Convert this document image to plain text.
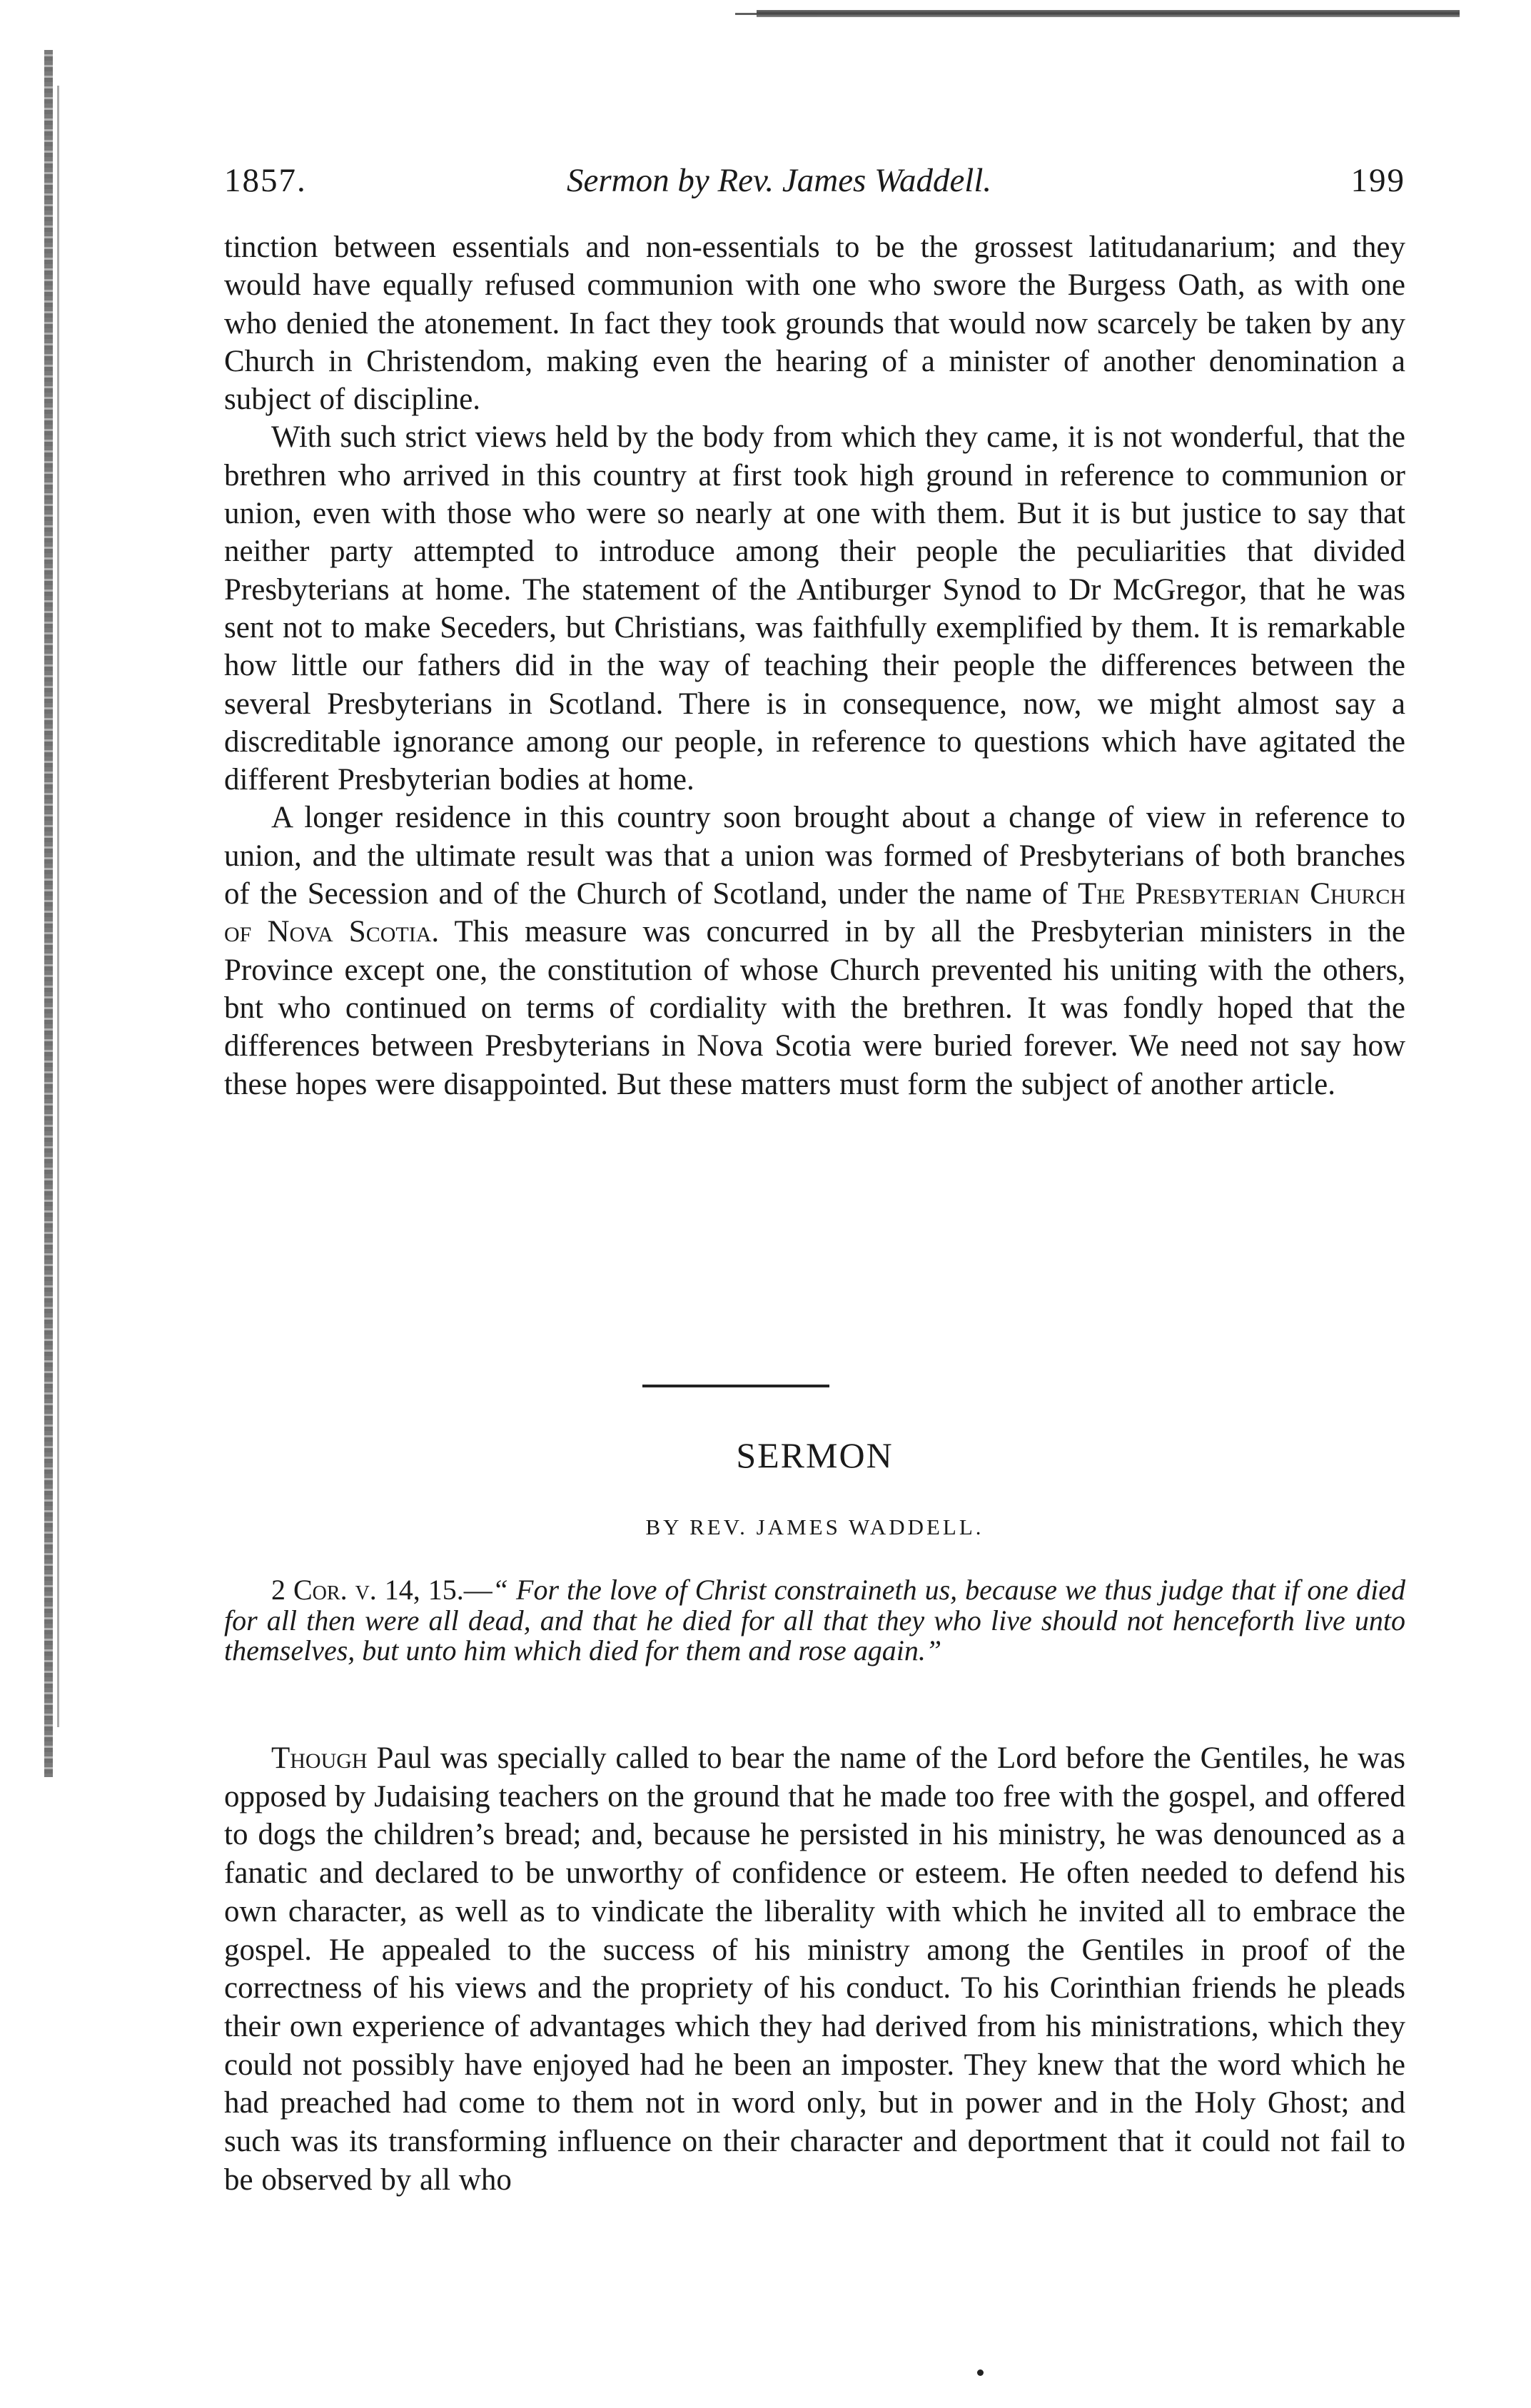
1857.	Sermon by Rev. James Waddell.	199

tinction between essentials and non-essentials to be the grossest latitudanarium; and they would have equally refused communion with one who swore the Burgess Oath, as with one who denied the atonement. In fact they took grounds that would now scarcely be taken by any Church in Christendom, making even the hearing of a minister of another denomination a subject of discipline.

With such strict views held by the body from which they came, it is not wonderful, that the brethren who arrived in this country at first took high ground in reference to communion or union, even with those who were so nearly at one with them. But it is but justice to say that neither party attempted to introduce among their people the peculiarities that divided Presbyterians at home. The statement of the Antiburger Synod to Dr McGregor, that he was sent not to make Seceders, but Christians, was faithfully exemplified by them. It is remarkable how little our fathers did in the way of teaching their people the differences between the several Presbyterians in Scotland. There is in consequence, now, we might almost say a discreditable ignorance among our people, in reference to questions which have agitated the different Presbyterian bodies at home.

A longer residence in this country soon brought about a change of view in reference to union, and the ultimate result was that a union was formed of Presbyterians of both branches of the Secession and of the Church of Scotland, under the name of The Presbyterian Church of Nova Scotia. This measure was concurred in by all the Presbyterian ministers in the Province except one, the constitution of whose Church prevented his uniting with the others, bnt who continued on terms of cordiality with the brethren. It was fondly hoped that the differences between Presbyterians in Nova Scotia were buried forever. We need not say how these hopes were disappointed. But these matters must form the subject of another article.

SERMON
BY REV. JAMES WADDELL.
2 Cor. v. 14, 15.—“ For the love of Christ constraineth us, because we thus judge that if one died for all then were all dead, and that he died for all that they who live should not henceforth live unto themselves, but unto him which died for them and rose again.”

Though Paul was specially called to bear the name of the Lord before the Gentiles, he was opposed by Judaising teachers on the ground that he made too free with the gospel, and offered to dogs the children’s bread; and, because he persisted in his ministry, he was denounced as a fanatic and declared to be unworthy of confidence or esteem. He often needed to defend his own character, as well as to vindicate the liberality with which he invited all to embrace the gospel. He appealed to the success of his ministry among the Gentiles in proof of the correctness of his views and the propriety of his conduct. To his Corinthian friends he pleads their own experience of advantages which they had derived from his ministrations, which they could not possibly have enjoyed had he been an imposter. They knew that the word which he had preached had come to them not in word only, but in power and in the Holy Ghost; and such was its transforming influence on their character and deportment that it could not fail to be observed by all who
